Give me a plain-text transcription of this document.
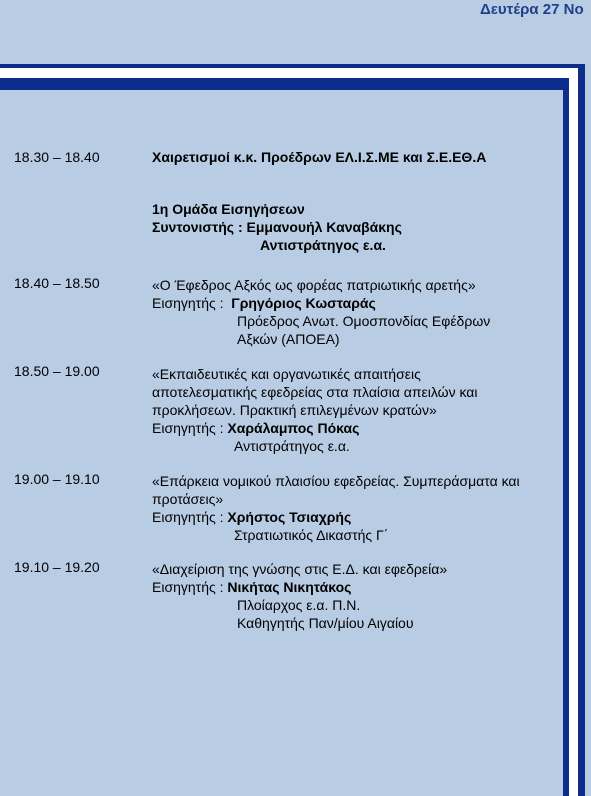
Δευτέρα 27 Νο
18.30 – 18.40	Χαιρετισμοί κ.κ. Προέδρων ΕΛ.Ι.Σ.ΜΕ και Σ.Ε.ΕΘ.Α
1η Ομάδα Εισηγήσεων
Συντονιστής : Εμμανουήλ Καναβάκης
Αντιστράτηγος ε.α.
18.40 – 18.50	«Ο Έφεδρος Αξκός ως φορέας πατριωτικής αρετής»
Εισηγητής : Γρηγόριος Κωσταράς
Πρόεδρος Ανωτ. Ομοσπονδίας Εφέδρων
Αξκών (ΑΠΟΕΑ)
18.50 – 19.00	«Εκπαιδευτικές και οργανωτικές απαιτήσεις
αποτελεσματικής εφεδρείας στα πλαίσια απειλών και
προκλήσεων. Πρακτική επιλεγμένων κρατών»
Εισηγητής : Χαράλαμπος Πόκας
Αντιστράτηγος ε.α.
19.00 – 19.10	«Επάρκεια νομικού πλαισίου εφεδρείας. Συμπεράσματα και
προτάσεις»
Εισηγητής : Χρήστος Τσιαχρής
Στρατιωτικός Δικαστής Γ΄
19.10 – 19.20	«Διαχείριση της γνώσης στις Ε.Δ. και εφεδρεία»
Εισηγητής : Νικήτας Νικητάκος
Πλοίαρχος ε.α. Π.Ν.
Καθηγητής Παν/μίου Αιγαίου
